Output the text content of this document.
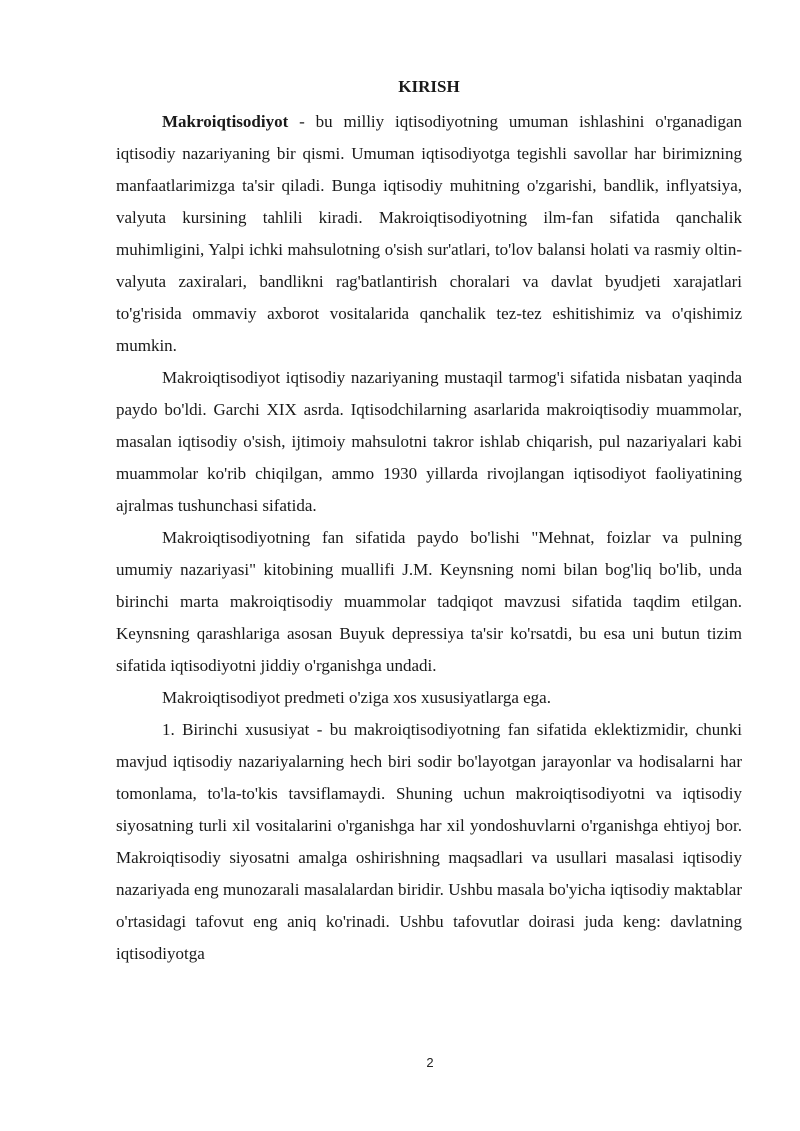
KIRISH

Makroiqtisodiyot - bu milliy iqtisodiyotning umuman ishlashini o'rganadigan iqtisodiy nazariyaning bir qismi. Umuman iqtisodiyotga tegishli savollar har birimizning manfaatlarimizga ta'sir qiladi. Bunga iqtisodiy muhitning o'zgarishi, bandlik, inflyatsiya, valyuta kursining tahlili kiradi. Makroiqtisodiyotning ilm-fan sifatida qanchalik muhimligini, Yalpi ichki mahsulotning o'sish sur'atlari, to'lov balansi holati va rasmiy oltin-valyuta zaxiralari, bandlikni rag'batlantirish choralari va davlat byudjeti xarajatlari to'g'risida ommaviy axborot vositalarida qanchalik tez-tez eshitishimiz va o'qishimiz mumkin.

Makroiqtisodiyot iqtisodiy nazariyaning mustaqil tarmog'i sifatida nisbatan yaqinda paydo bo'ldi. Garchi XIX asrda. Iqtisodchilarning asarlarida makroiqtisodiy muammolar, masalan iqtisodiy o'sish, ijtimoiy mahsulotni takror ishlab chiqarish, pul nazariyalari kabi muammolar ko'rib chiqilgan, ammo 1930 yillarda rivojlangan iqtisodiyot faoliyatining ajralmas tushunchasi sifatida.

Makroiqtisodiyotning fan sifatida paydo bo'lishi "Mehnat, foizlar va pulning umumiy nazariyasi" kitobining muallifi J.M. Keynsning nomi bilan bog'liq bo'lib, unda birinchi marta makroiqtisodiy muammolar tadqiqot mavzusi sifatida taqdim etilgan. Keynsning qarashlariga asosan Buyuk depressiya ta'sir ko'rsatdi, bu esa uni butun tizim sifatida iqtisodiyotni jiddiy o'rganishga undadi.

Makroiqtisodiyot predmeti o'ziga xos xususiyatlarga ega.

1. Birinchi xususiyat - bu makroiqtisodiyotning fan sifatida eklektizmidir, chunki mavjud iqtisodiy nazariyalarning hech biri sodir bo'layotgan jarayonlar va hodisalarni har tomonlama, to'la-to'kis tavsiflamaydi. Shuning uchun makroiqtisodiyotni va iqtisodiy siyosatning turli xil vositalarini o'rganishga har xil yondoshuvlarni o'rganishga ehtiyoj bor. Makroiqtisodiy siyosatni amalga oshirishning maqsadlari va usullari masalasi iqtisodiy nazariyada eng munozarali masalalardan biridir. Ushbu masala bo'yicha iqtisodiy maktablar o'rtasidagi tafovut eng aniq ko'rinadi. Ushbu tafovutlar doirasi juda keng: davlatning iqtisodiyotga

2
